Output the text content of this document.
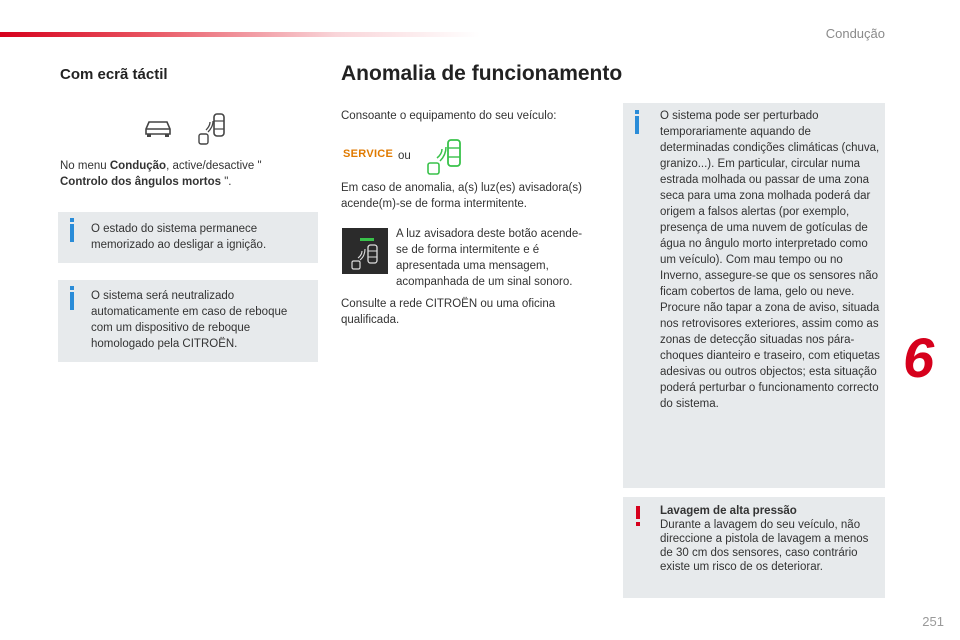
Condução
6
251
Com ecrã táctil
No menu Condução, active/desactive "
Controlo dos ângulos mortos ".
O estado do sistema permanece memorizado ao desligar a ignição.
O sistema será neutralizado automaticamente em caso de reboque com um dispositivo de reboque homologado pela CITROËN.
Anomalia de funcionamento
Consoante o equipamento do seu veículo:
SERVICE ou
Em caso de anomalia, a(s) luz(es) avisadora(s) acende(m)-se de forma intermitente.
A luz avisadora deste botão acende-se de forma intermitente e é apresentada uma mensagem, acompanhada de um sinal sonoro.
Consulte a rede CITROËN ou uma oficina qualificada.
O sistema pode ser perturbado temporariamente aquando de determinadas condições climáticas (chuva, granizo...). Em particular, circular numa estrada molhada ou passar de uma zona seca para uma zona molhada poderá dar origem a falsos alertas (por exemplo, presença de uma nuvem de gotículas de água no ângulo morto interpretado como um veículo). Com mau tempo ou no Inverno, assegure-se que os sensores não ficam cobertos de lama, gelo ou neve. Procure não tapar a zona de aviso, situada nos retrovisores exteriores, assim como as zonas de detecção situadas nos pára-choques dianteiro e traseiro, com etiquetas adesivas ou outros objectos; esta situação poderá perturbar o funcionamento correcto do sistema.
Lavagem de alta pressão
Durante a lavagem do seu veículo, não direccione a pistola de lavagem a menos de 30 cm dos sensores, caso contrário existe um risco de os deteriorar.
